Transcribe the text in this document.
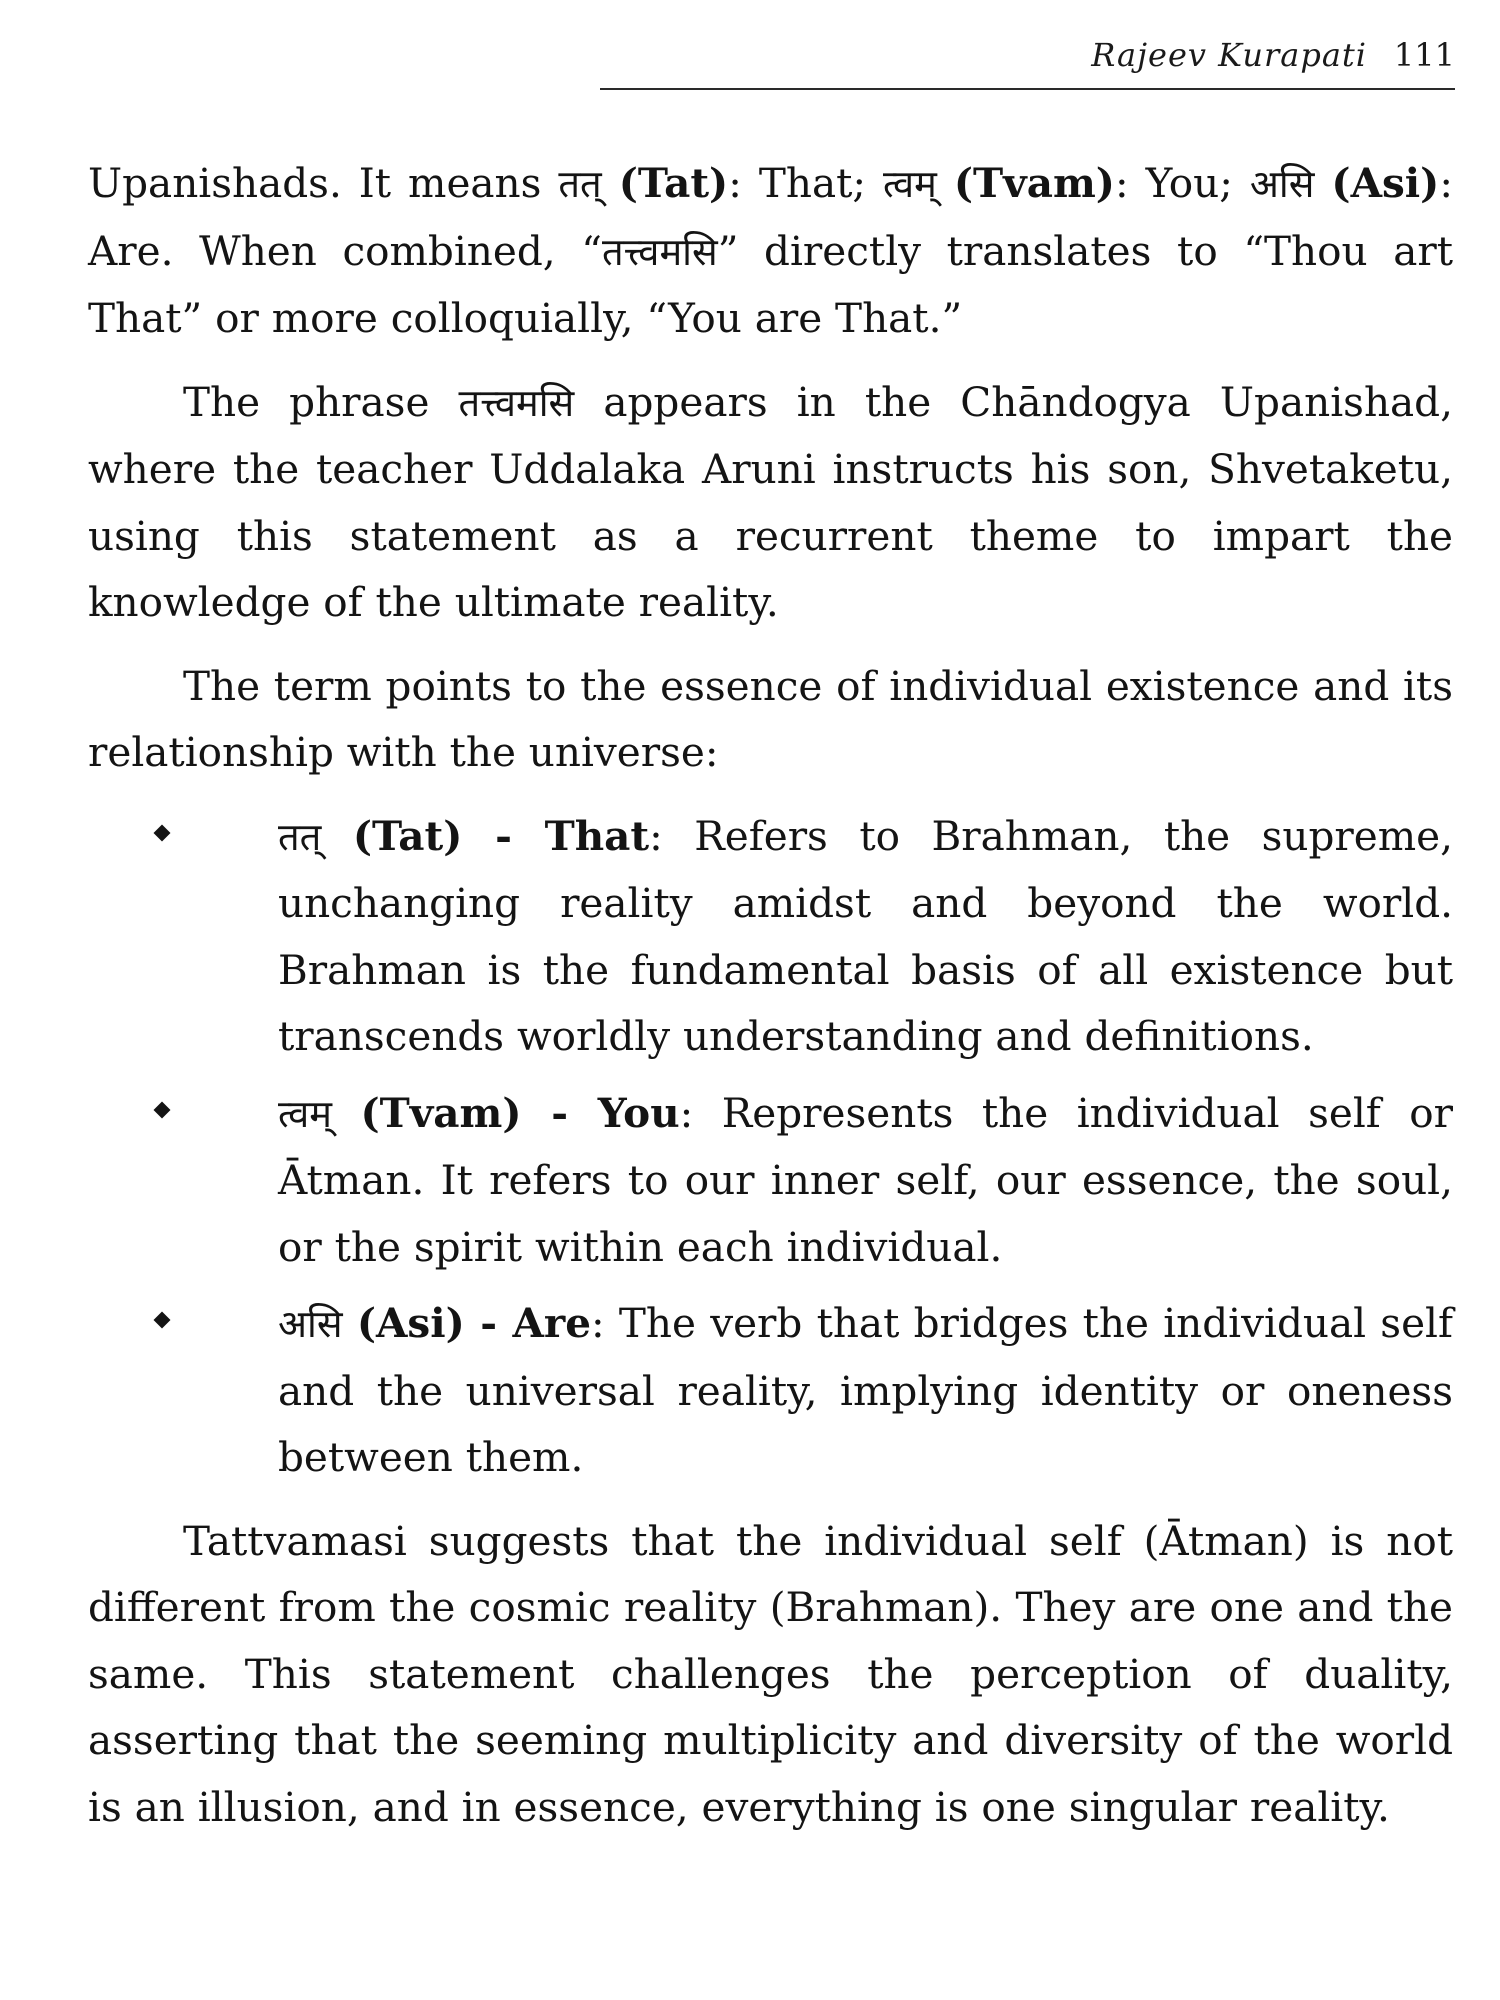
Rajeev Kurapati 111

Upanishads. It means तत् (Tat): That; त्वम् (Tvam): You; असि (Asi): Are. When combined, “तत्त्वमसि” directly translates to “Thou art That” or more colloquially, “You are That.”

The phrase तत्त्वमसि appears in the Chāndogya Upanishad, where the teacher Uddalaka Aruni instructs his son, Shvetaketu, using this statement as a recurrent theme to impart the knowledge of the ultimate reality.

The term points to the essence of individual existence and its relationship with the universe:

तत् (Tat) - That: Refers to Brahman, the supreme, unchanging reality amidst and beyond the world. Brahman is the fundamental basis of all existence but transcends worldly understanding and definitions.
त्वम् (Tvam) - You: Represents the individual self or Ātman. It refers to our inner self, our essence, the soul, or the spirit within each individual.
असि (Asi) - Are: The verb that bridges the individual self and the universal reality, implying identity or oneness between them.

Tattvamasi suggests that the individual self (Ātman) is not different from the cosmic reality (Brahman). They are one and the same. This statement challenges the perception of duality, asserting that the seeming multiplicity and diversity of the world is an illusion, and in essence, everything is one singular reality.
